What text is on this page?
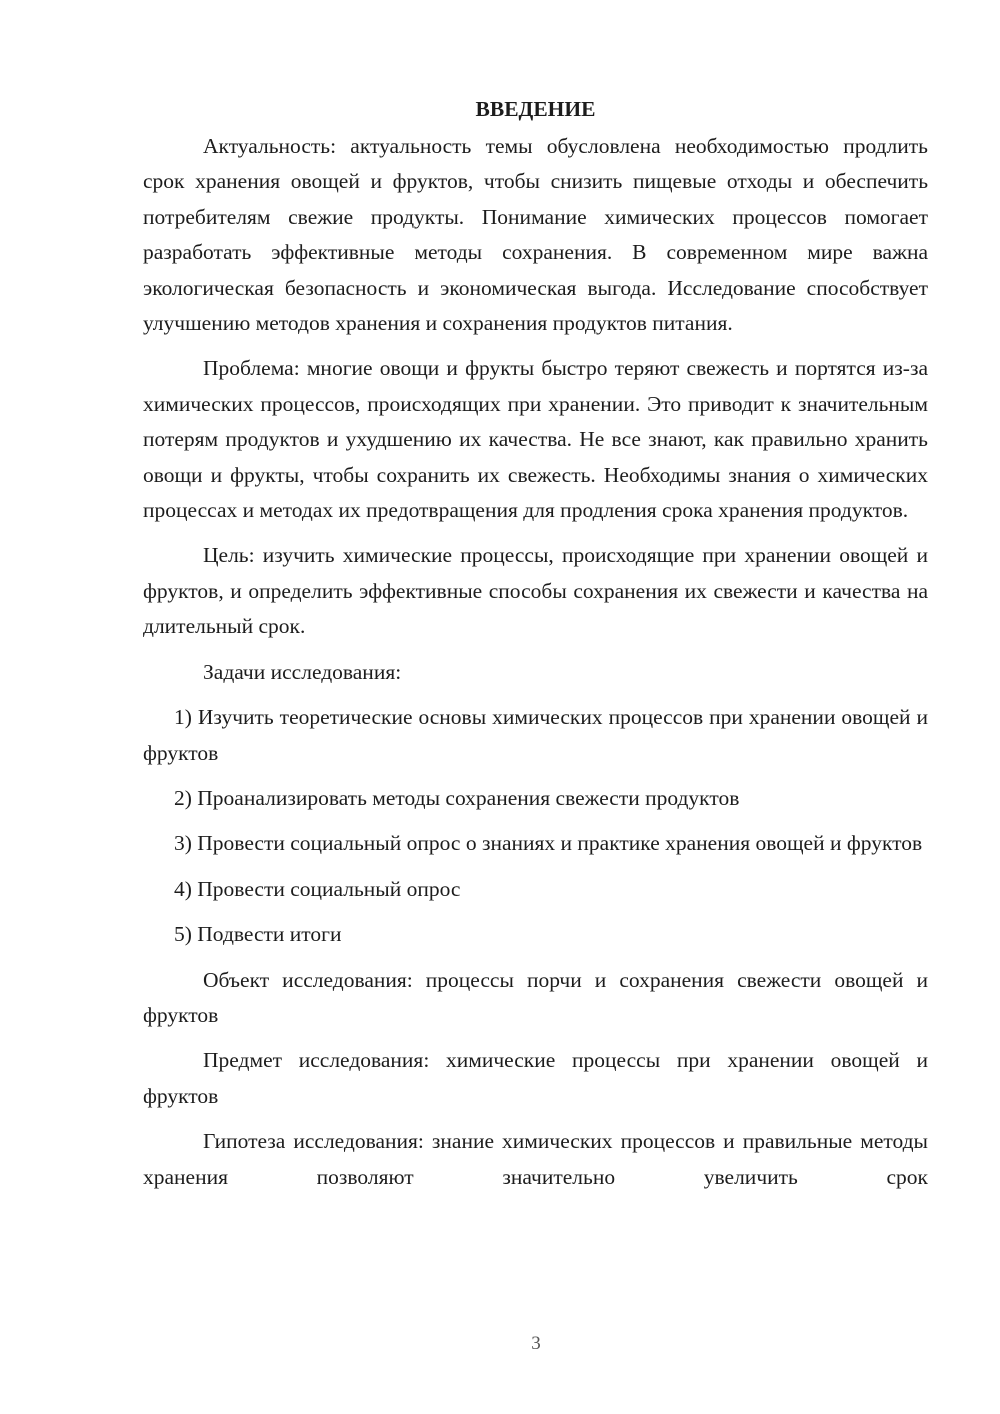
ВВЕДЕНИЕ

Актуальность: актуальность темы обусловлена необходимостью продлить срок хранения овощей и фруктов, чтобы снизить пищевые отходы и обеспечить потребителям свежие продукты. Понимание химических процессов помогает разработать эффективные методы сохранения. В современном мире важна экологическая безопасность и экономическая выгода. Исследование способствует улучшению методов хранения и сохранения продуктов питания.

Проблема: многие овощи и фрукты быстро теряют свежесть и портятся из-за химических процессов, происходящих при хранении. Это приводит к значительным потерям продуктов и ухудшению их качества. Не все знают, как правильно хранить овощи и фрукты, чтобы сохранить их свежесть. Необходимы знания о химических процессах и методах их предотвращения для продления срока хранения продуктов.

Цель: изучить химические процессы, происходящие при хранении овощей и фруктов, и определить эффективные способы сохранения их свежести и качества на длительный срок.

Задачи исследования:

1) Изучить теоретические основы химических процессов при хранении овощей и фруктов

2) Проанализировать методы сохранения свежести продуктов

3) Провести социальный опрос о знаниях и практике хранения овощей и фруктов

4) Провести социальный опрос

5) Подвести итоги

Объект исследования: процессы порчи и сохранения свежести овощей и фруктов

Предмет исследования: химические процессы при хранении овощей и фруктов

Гипотеза исследования: знание химических процессов и правильные методы хранения позволяют значительно увеличить срок

3
